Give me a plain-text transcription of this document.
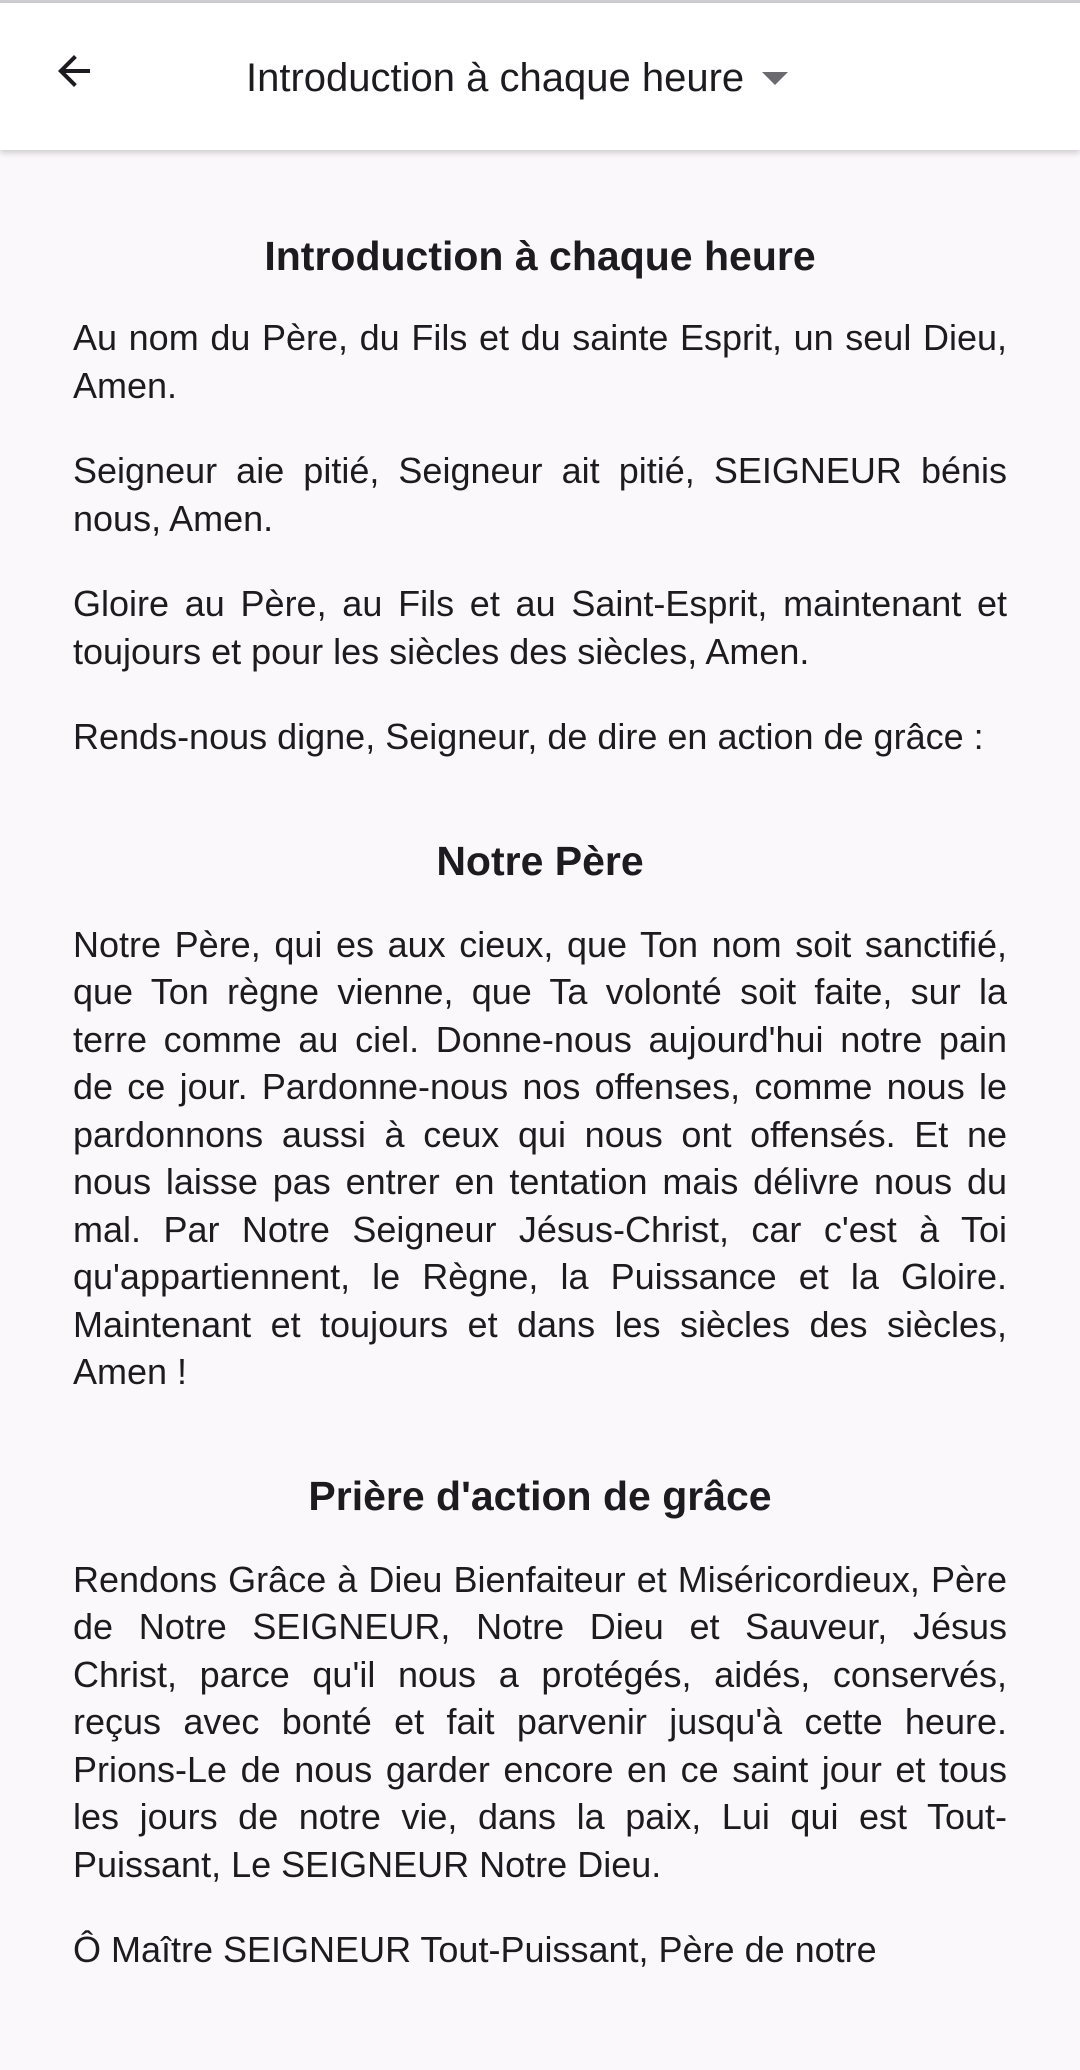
Introduction à chaque heure
Introduction à chaque heure

Au nom du Père, du Fils et du sainte Esprit, un seul Dieu, Amen.

Seigneur aie pitié, Seigneur ait pitié, SEIGNEUR bénis nous, Amen.

Gloire au Père, au Fils et au Saint-Esprit, maintenant et toujours et pour les siècles des siècles, Amen.

Rends-nous digne, Seigneur, de dire en action de grâce :

Notre Père

Notre Père, qui es aux cieux, que Ton nom soit sanctifié, que Ton règne vienne, que Ta volonté soit faite, sur la terre comme au ciel. Donne-nous aujourd'hui notre pain de ce jour. Pardonne-nous nos offenses, comme nous le pardonnons aussi à ceux qui nous ont offensés. Et ne nous laisse pas entrer en tentation mais délivre nous du mal. Par Notre Seigneur Jésus-Christ, car c'est à Toi qu'appartiennent, le Règne, la Puissance et la Gloire. Maintenant et toujours et dans les siècles des siècles, Amen !

Prière d'action de grâce

Rendons Grâce à Dieu Bienfaiteur et Miséricordieux, Père de Notre SEIGNEUR, Notre Dieu et Sauveur, Jésus Christ, parce qu'il nous a protégés, aidés, conservés, reçus avec bonté et fait parvenir jusqu'à cette heure. Prions-Le de nous garder encore en ce saint jour et tous les jours de notre vie, dans la paix, Lui qui est Tout-Puissant, Le SEIGNEUR Notre Dieu.

Ô Maître SEIGNEUR Tout-Puissant, Père de notre
